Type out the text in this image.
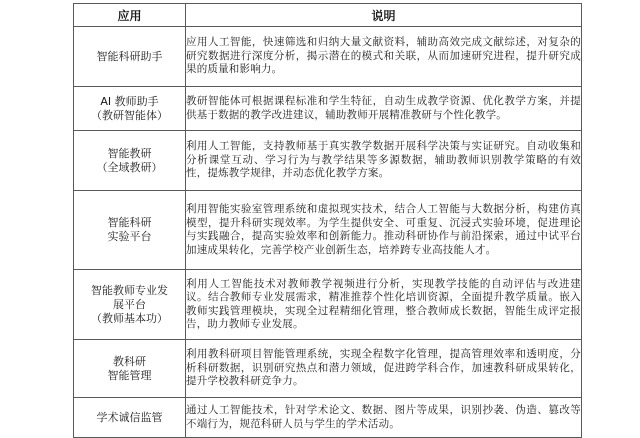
应用	说明

智能科研助手	应用人工智能，快速筛选和归纳大量文献资料，辅助高效完成文献综述，对复杂的研究数据进行深度分析，揭示潜在的模式和关联，从而加速研究进程，提升研究成果的质量和影响力。

AI 教师助手
（教研智能体）	教研智能体可根据课程标准和学生特征，自动生成教学资源、优化教学方案，并提供基于数据的教学改进建议，辅助教师开展精准教研与个性化教学。

智能教研
（全域教研）	利用人工智能，支持教师基于真实教学数据开展科学决策与实证研究。自动收集和分析课堂互动、学习行为与教学结果等多源数据，辅助教师识别教学策略的有效性，提炼教学规律，并动态优化教学方案。

智能科研
实验平台	利用智能实验室管理系统和虚拟现实技术，结合人工智能与大数据分析，构建仿真模型，提升科研实现效率。为学生提供安全、可重复、沉浸式实验环境，促进理论与实践融合，提高实验效率和创新能力。推动科研协作与前沿探索，通过中试平台加速成果转化，完善学校产业创新生态，培养跨专业高技能人才。

智能教师专业发
展平台
（教师基本功）	利用人工智能技术对教师教学视频进行分析，实现教学技能的自动评估与改进建议。结合教师专业发展需求，精准推荐个性化培训资源，全面提升教学质量。嵌入教师实践管理模块，实现全过程精细化管理，整合教师成长数据，智能生成评定报告，助力教师专业发展。

教科研
智能管理	利用教科研项目智能管理系统，实现全程数字化管理，提高管理效率和透明度，分析科研数据，识别研究热点和潜力领域，促进跨学科合作，加速教科研成果转化，提升学校教科研竞争力。

学术诚信监管	通过人工智能技术，针对学术论文、数据、图片等成果，识别抄袭、伪造、篡改等不端行为，规范科研人员与学生的学术活动。
